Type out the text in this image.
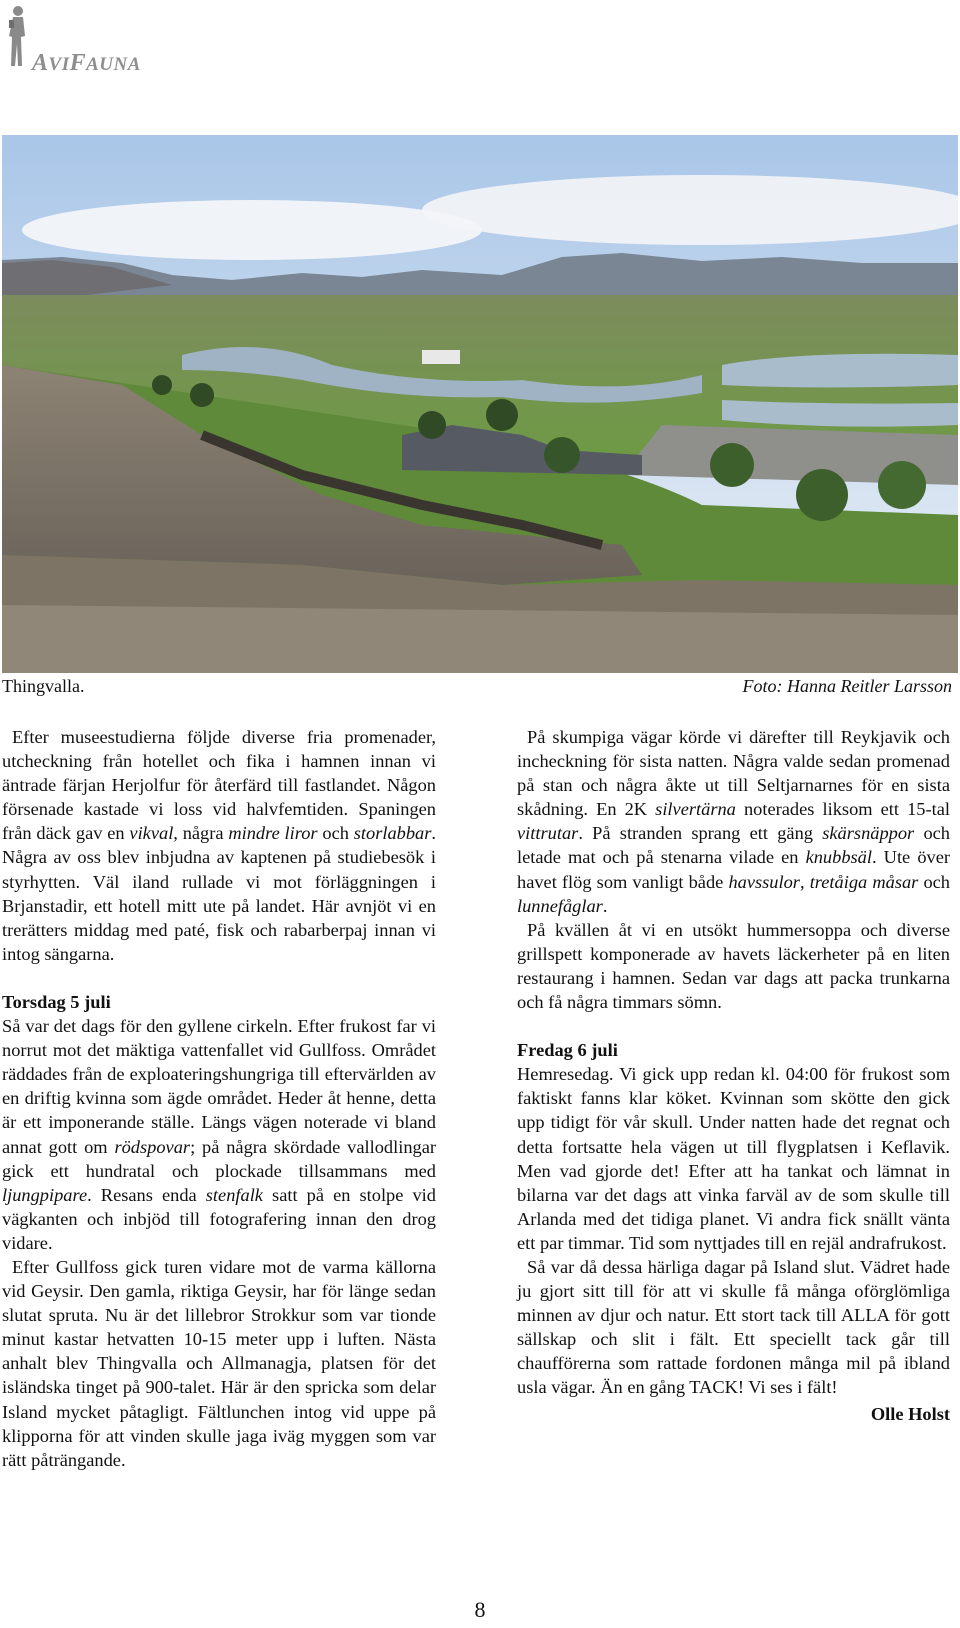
AVIFAUNA
Thingvalla.	Foto: Hanna Reitler Larsson

Efter museestudierna följde diverse fria promenader, utcheckning från hotellet och fika i hamnen innan vi äntrade färjan Herjolfur för återfärd till fastlandet. Någon försenade kastade vi loss vid halvfemtiden. Spaningen från däck gav en vikval, några mindre liror och storlabbar. Några av oss blev inbjudna av kaptenen på studiebesök i styrhytten. Väl iland rullade vi mot förläggningen i Brjanstadir, ett hotell mitt ute på landet. Här avnjöt vi en trerätters middag med paté, fisk och rabarberpaj innan vi intog sängarna.

Torsdag 5 juli

Så var det dags för den gyllene cirkeln. Efter frukost far vi norrut mot det mäktiga vattenfallet vid Gullfoss. Området räddades från de exploateringshungriga till eftervärlden av en driftig kvinna som ägde området. Heder åt henne, detta är ett imponerande ställe. Längs vägen noterade vi bland annat gott om rödspovar; på några skördade vallodlingar gick ett hundratal och plockade tillsammans med ljungpipare. Resans enda stenfalk satt på en stolpe vid vägkanten och inbjöd till fotografering innan den drog vidare.

Efter Gullfoss gick turen vidare mot de varma källorna vid Geysir. Den gamla, riktiga Geysir, har för länge sedan slutat spruta. Nu är det lillebror Strokkur som var tionde minut kastar hetvatten 10-15 meter upp i luften. Nästa anhalt blev Thingvalla och Allmanagja, platsen för det isländska tinget på 900-talet. Här är den spricka som delar Island mycket påtagligt. Fältlunchen intog vid uppe på klipporna för att vinden skulle jaga iväg myggen som var rätt påträngande.

På skumpiga vägar körde vi därefter till Reykjavik och incheckning för sista natten. Några valde sedan promenad på stan och några åkte ut till Seltjarnarnes för en sista skådning. En 2K silvertärna noterades liksom ett 15-tal vittrutar. På stranden sprang ett gäng skärsnäppor och letade mat och på stenarna vilade en knubbsäl. Ute över havet flög som vanligt både havssulor, tretåiga måsar och lunnefåglar.

På kvällen åt vi en utsökt hummersoppa och diverse grillspett komponerade av havets läckerheter på en liten restaurang i hamnen. Sedan var dags att packa trunkarna och få några timmars sömn.

Fredag 6 juli

Hemresedag. Vi gick upp redan kl. 04:00 för frukost som faktiskt fanns klar köket. Kvinnan som skötte den gick upp tidigt för vår skull. Under natten hade det regnat och detta fortsatte hela vägen ut till flygplatsen i Keflavik. Men vad gjorde det! Efter att ha tankat och lämnat in bilarna var det dags att vinka farväl av de som skulle till Arlanda med det tidiga planet. Vi andra fick snällt vänta ett par timmar. Tid som nyttjades till en rejäl andrafrukost.

Så var då dessa härliga dagar på Island slut. Vädret hade ju gjort sitt till för att vi skulle få många oförglömliga minnen av djur och natur. Ett stort tack till ALLA för gott sällskap och slit i fält. Ett speciellt tack går till chaufförerna som rattade fordonen många mil på ibland usla vägar. Än en gång TACK! Vi ses i fält!

Olle Holst
8
